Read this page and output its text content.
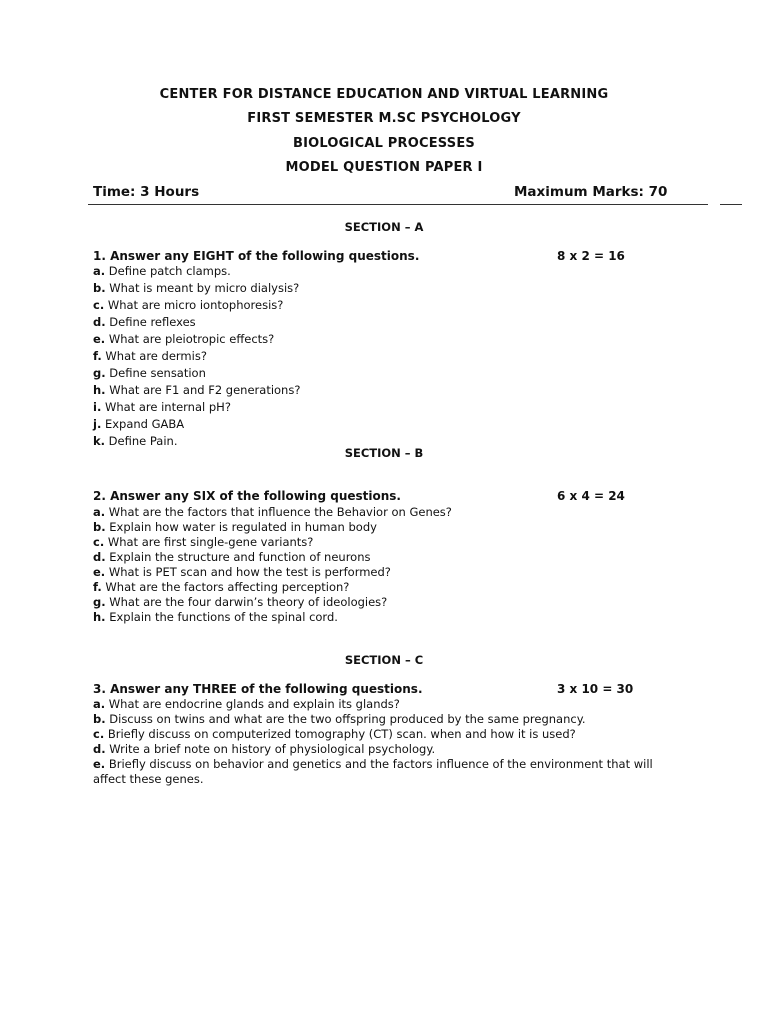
CENTER FOR DISTANCE EDUCATION AND VIRTUAL LEARNING
FIRST SEMESTER M.SC PSYCHOLOGY
BIOLOGICAL PROCESSES
MODEL QUESTION PAPER I
Time: 3 Hours	Maximum Marks: 70
SECTION – A
1. Answer any EIGHT of the following questions.	8 x 2 = 16
a. Define patch clamps.
b. What is meant by micro dialysis?
c. What are micro iontophoresis?
d. Define reflexes
e. What are pleiotropic effects?
f. What are dermis?
g. Define sensation
h. What are F1 and F2 generations?
i. What are internal pH?
j. Expand GABA
k. Define Pain.
SECTION – B
2. Answer any SIX of the following questions.	6 x 4 = 24
a. What are the factors that influence the Behavior on Genes?
b. Explain how water is regulated in human body
c. What are first single-gene variants?
d. Explain the structure and function of neurons
e. What is PET scan and how the test is performed?
f. What are the factors affecting perception?
g. What are the four darwin’s theory of ideologies?
h. Explain the functions of the spinal cord.
SECTION – C
3. Answer any THREE of the following questions.	3 x 10 = 30
a. What are endocrine glands and explain its glands?
b. Discuss on twins and what are the two offspring produced by the same pregnancy.
c. Briefly discuss on computerized tomography (CT) scan. when and how it is used?
d. Write a brief note on history of physiological psychology.
e. Briefly discuss on behavior and genetics and the factors influence of the environment that will affect these genes.
